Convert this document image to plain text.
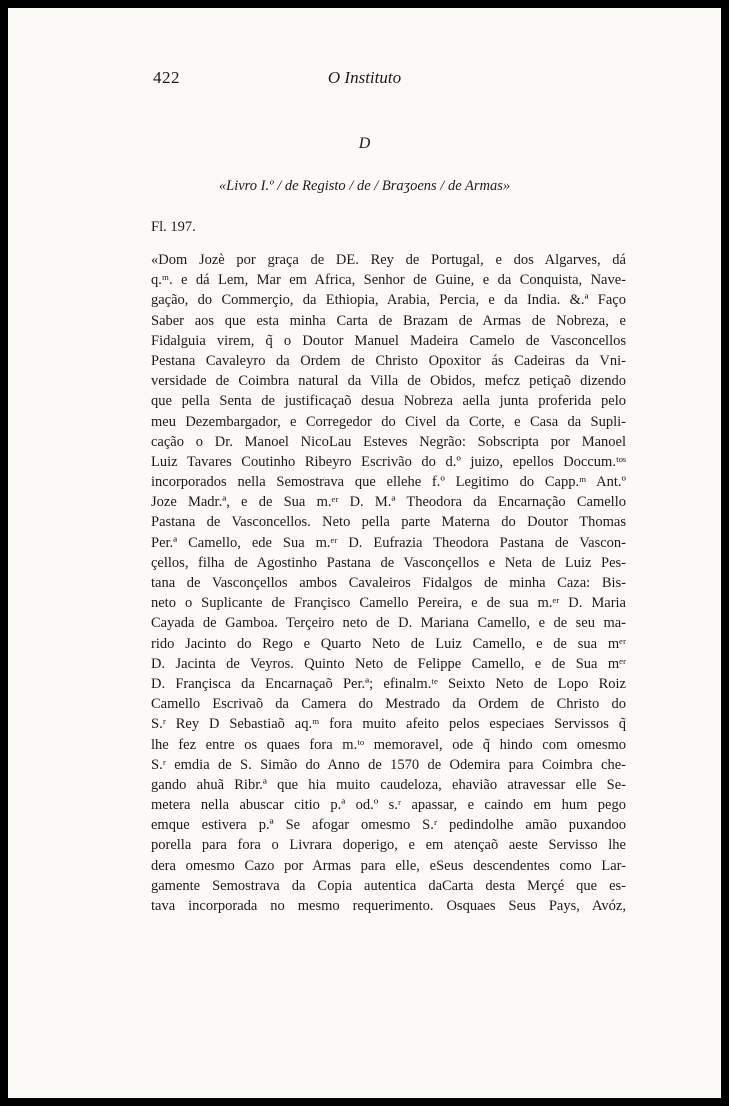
422	O Instituto
D
«Livro I.º / de Registo / de / Braʒoens / de Armas»
Fl. 197.
«Dom Jozè por graça de DE. Rey de Portugal, e dos Algarves, dá
q.ᵐ. e dá Lem, Mar em Africa, Senhor de Guine, e da Conquista, Nave-
gação, do Commerçio, da Ethiopia, Arabia, Percia, e da India. &.ª Faço
Saber aos que esta minha Carta de Brazam de Armas de Nobreza, e
Fidalguia virem, q̃ o Doutor Manuel Madeira Camelo de Vasconcellos
Pestana Cavaleyro da Ordem de Christo Opoxitor ás Cadeiras da Vni-
versidade de Coimbra natural da Villa de Obidos, mefcz petiçaõ dizendo
que pella Senta de justificaçaõ desua Nobreza aella junta proferida pelo
meu Dezembargador, e Corregedor do Civel da Corte, e Casa da Supli-
cação o Dr. Manoel NicoLau Esteves Negrão: Sobscripta por Manoel
Luiz Tavares Coutinho Ribeyro Escrivão do d.º juizo, epellos Doccum.ᵗᵒˢ
incorporados nella Semostrava que ellehe f.º Legitimo do Capp.ᵐ Ant.º
Joze Madr.ª, e de Sua m.ᵉʳ D. M.ª Theodora da Encarnação Camello
Pastana de Vasconcellos. Neto pella parte Materna do Doutor Thomas
Per.ª Camello, ede Sua m.ᵉʳ D. Eufrazia Theodora Pastana de Vascon-
çellos, filha de Agostinho Pastana de Vasconçellos e Neta de Luiz Pes-
tana de Vasconçellos ambos Cavaleiros Fidalgos de minha Caza: Bis-
neto o Suplicante de Françisco Camello Pereira, e de sua m.ᵉʳ D. Maria
Cayada de Gamboa. Terçeiro neto de D. Mariana Camello, e de seu ma-
rido Jacinto do Rego e Quarto Neto de Luiz Camello, e de sua mᵉʳ
D. Jacinta de Veyros. Quinto Neto de Felippe Camello, e de Sua mᵉʳ
D. Françisca da Encarnaçaõ Per.ª; efinalm.ᵗᵉ Seixto Neto de Lopo Roiz
Camello Escrivaõ da Camera do Mestrado da Ordem de Christo do
S.ʳ Rey D Sebastiaõ aq.ᵐ fora muito afeito pelos especiaes Servissos q̃
lhe fez entre os quaes fora m.ᵗᵒ memoravel, ode q̃ hindo com omesmo
S.ʳ emdia de S. Simão do Anno de 1570 de Odemira para Coimbra che-
gando ahuã Ribr.ª que hia muito caudeloza, ehavião atravessar elle Se-
metera nella abuscar citio p.ª od.º s.ʳ apassar, e caindo em hum pego
emque estivera p.ª Se afogar omesmo S.ʳ pedindolhe amão puxandoo
porella para fora o Livrara doperigo, e em atençaõ aeste Servisso lhe
dera omesmo Cazo por Armas para elle, eSeus descendentes como Lar-
gamente Semostrava da Copia autentica daCarta desta Merçé que es-
tava incorporada no mesmo requerimento. Osquaes Seus Pays, Avóz,
